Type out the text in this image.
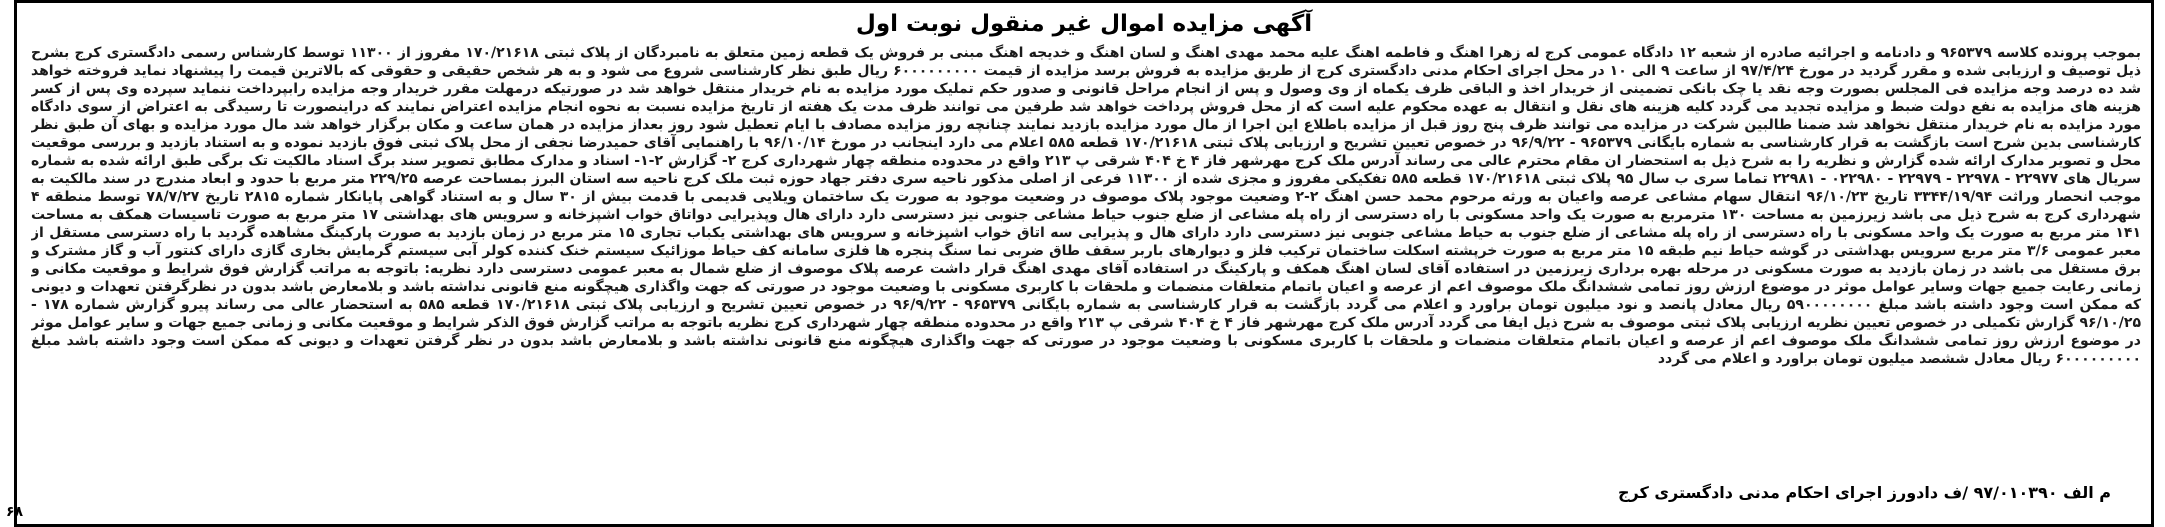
آگهی مزایده اموال غیر منقول نوبت اول

بموجب پرونده کلاسه ۹۶۵۳۷۹ و دادنامه و اجرائیه صادره از شعبه ۱۲ دادگاه عمومی کرج له زهرا اهنگ و فاطمه اهنگ علیه محمد مهدی اهنگ و لسان اهنگ و خدیجه اهنگ مبنی بر فروش یک قطعه زمین متعلق به نامبردگان از پلاک ثبتی ۱۷۰/۲۱۶۱۸ مفروز از ۱۱۳۰۰ توسط کارشناس رسمی دادگستری کرج بشرح ذیل توصیف و ارزیابی شده و مقرر گردید در مورخ ۹۷/۴/۲۴ از ساعت ۹ الی ۱۰ در محل اجرای احکام مدنی دادگستری کرج از طریق مزایده به فروش برسد مزایده از قیمت ۶۰۰۰۰۰۰۰۰۰ ریال طبق نظر کارشناسی شروع می شود و به هر شخص حقیقی و حقوقی که بالاترین قیمت را پیشنهاد نماید فروخته خواهد شد ده درصد وجه مزایده فی المجلس بصورت وجه نقد یا چک بانکی تضمینی از خریدار اخذ و الباقی ظرف یکماه از وی وصول و پس از انجام مراحل قانونی و صدور حکم تملیک مورد مزایده به نام خریدار منتقل خواهد شد در صورتیکه درمهلت مقرر خریدار وجه مزایده رابپرداخت ننماید سپرده وی پس از کسر هزینه های مزایده به نفع دولت ضبط و مزایده تجدید می گردد کلیه هزینه های نقل و انتقال به عهده محکوم علیه است که از محل فروش پرداخت خواهد شد طرفین می توانند ظرف مدت یک هفته از تاریخ مزایده نسبت به نحوه انجام مزایده اعتراض نمایند که دراینصورت تا رسیدگی به اعتراض از سوی دادگاه مورد مزایده به نام خریدار منتقل نخواهد شد ضمنا طالبین شرکت در مزایده می توانند ظرف پنج روز قبل از مزایده باطلاع این اجرا از مال مورد مزایده بازدید نمایند چنانچه روز مزایده مصادف با ایام تعطیل شود روز بعداز مزایده در همان ساعت و مکان برگزار خواهد شد مال مورد مزایده و بهای آن طبق نظر کارشناسی بدین شرح است بازگشت به قرار کارشناسی به شماره بایگانی ۹۶۵۳۷۹ - ۹۶/۹/۲۲ در خصوص تعیین تشریح و ارزیابی پلاک ثبتی ۱۷۰/۲۱۶۱۸ قطعه ۵۸۵ اعلام می دارد اینجانب در مورخ ۹۶/۱۰/۱۴ با راهنمایی آقای حمیدرضا نجفی از محل پلاک ثبتی فوق بازدید نموده و به استناد بازدید و بررسی موقعیت محل و تصویر مدارک ارائه شده گزارش و نظریه را به شرح ذیل به استحضار ان مقام محترم عالی می رساند آدرس ملک کرج مهرشهر فاز ۴ خ ۴۰۴ شرقی پ ۲۱۳ واقع در محدوده منطقه چهار شهرداری کرج ۲- گزارش ۲-۱- اسناد و مدارک مطابق تصویر سند برگ اسناد مالکیت تک برگی طبق ارائه شده به شماره سریال های ۲۲۹۷۷ - ۲۲۹۷۸ - ۲۲۹۷۹ - ۰۲۲۹۸۰ - ۲۲۹۸۱ تماما سری ب سال ۹۵ پلاک ثبتی ۱۷۰/۲۱۶۱۸ قطعه ۵۸۵ تفکیکی مفروز و مجزی شده از ۱۱۳۰۰ فرعی از اصلی مذکور ناحیه سری دفتر جهاد حوزه ثبت ملک کرج ناحیه سه استان البرز بمساحت عرصه ۲۲۹/۲۵ متر مربع با حدود و ابعاد مندرج در سند مالکیت به موجب انحصار وراثت ۳۳۴۴/۱۹/۹۴ تاریخ ۹۶/۱۰/۲۳ انتقال سهام مشاعی عرصه واعیان به ورثه مرحوم محمد حسن اهنگ ۲-۲ وضعیت موجود پلاک موصوف در وضعیت موجود به صورت یک ساختمان ویلایی قدیمی با قدمت بیش از ۳۰ سال و به استناد گواهی پایانکار شماره ۲۸۱۵ تاریخ ۷۸/۷/۲۷ توسط منطقه ۴ شهرداری کرج به شرح ذیل می باشد زیرزمین به مساحت ۱۳۰ مترمربع به صورت یک واحد مسکونی با راه دسترسی از راه پله مشاعی از ضلع جنوب حیاط مشاعی جنوبی نیز دسترسی دارد دارای هال وپذیرایی دواتاق خواب اشپزخانه و سرویس های بهداشتی ۱۷ متر مربع به صورت تاسیسات همکف به مساحت ۱۴۱ متر مربع به صورت یک واحد مسکونی با راه دسترسی از راه پله مشاعی از ضلع جنوب به حیاط مشاعی جنوبی نیز دسترسی دارد دارای هال و پذیرایی سه اتاق خواب اشپزخانه و سرویس های بهداشتی یکباب تجاری ۱۵ متر مربع در زمان بازدید به صورت پارکینگ مشاهده گردید با راه دسترسی مستقل از معبر عمومی ۳/۶ متر مربع سرویس بهداشتی در گوشه حیاط نیم طبقه ۱۵ متر مربع به صورت خرپشته اسکلت ساختمان ترکیب فلز و دیوارهای باربر سقف طاق ضربی نما سنگ پنجره ها فلزی سامانه کف حیاط موزائیک سیستم خنک کننده کولر آبی سیستم گرمایش بخاری گازی دارای کنتور آب و گاز مشترک و برق مستقل می باشد در زمان بازدید به صورت مسکونی در مرحله بهره برداری زیرزمین در استفاده آقای لسان اهنگ همکف و پارکینگ در استفاده آقای مهدی اهنگ قرار داشت عرصه پلاک موصوف از ضلع شمال به معبر عمومی دسترسی دارد نظریه: باتوجه به مراتب گزارش فوق شرایط و موقعیت مکانی و زمانی رعایت جمیع جهات وسایر عوامل موثر در موضوع ارزش روز تمامی ششدانگ ملک موصوف اعم از عرصه و اعیان باتمام متعلقات منضمات و ملحقات با کاربری مسکونی با وضعیت موجود در صورتی که جهت واگذاری هیچگونه منع قانونی نداشته باشد و بلامعارض باشد بدون در نظرگرفتن تعهدات و دیونی که ممکن است وجود داشته باشد مبلغ ۵۹۰۰۰۰۰۰۰۰ ریال معادل پانصد و نود میلیون تومان براورد و اعلام می گردد بازگشت به قرار کارشناسی به شماره بایگانی ۹۶۵۳۷۹ - ۹۶/۹/۲۲ در خصوص تعیین تشریح و ارزیابی پلاک ثبتی ۱۷۰/۲۱۶۱۸ قطعه ۵۸۵ به استحضار عالی می رساند پیرو گزارش شماره ۱۷۸ - ۹۶/۱۰/۲۵ گزارش تکمیلی در خصوص تعیین نظریه ارزیابی پلاک ثبتی موصوف به شرح ذیل ایفا می گردد آدرس ملک کرج مهرشهر فاز ۴ خ ۴۰۴ شرقی پ ۲۱۳ واقع در محدوده منطقه چهار شهرداری کرج نظریه باتوجه به مراتب گزارش فوق الذکر شرایط و موقعیت مکانی و زمانی جمیع جهات و سایر عوامل موثر در موضوع ارزش روز تمامی ششدانگ ملک موصوف اعم از عرصه و اعیان باتمام متعلقات منضمات و ملحقات با کاربری مسکونی با وضعیت موجود در صورتی که جهت واگذاری هیچگونه منع قانونی نداشته باشد و بلامعارض باشد بدون در نظر گرفتن تعهدات و دیونی که ممکن است وجود داشته باشد مبلغ ۶۰۰۰۰۰۰۰۰۰ ریال معادل ششصد میلیون تومان براورد و اعلام می گردد

م الف ۹۷/۰۱۰۳۹۰ /ف دادورز اجرای احکام مدنی دادگستری کرج

۶۸
